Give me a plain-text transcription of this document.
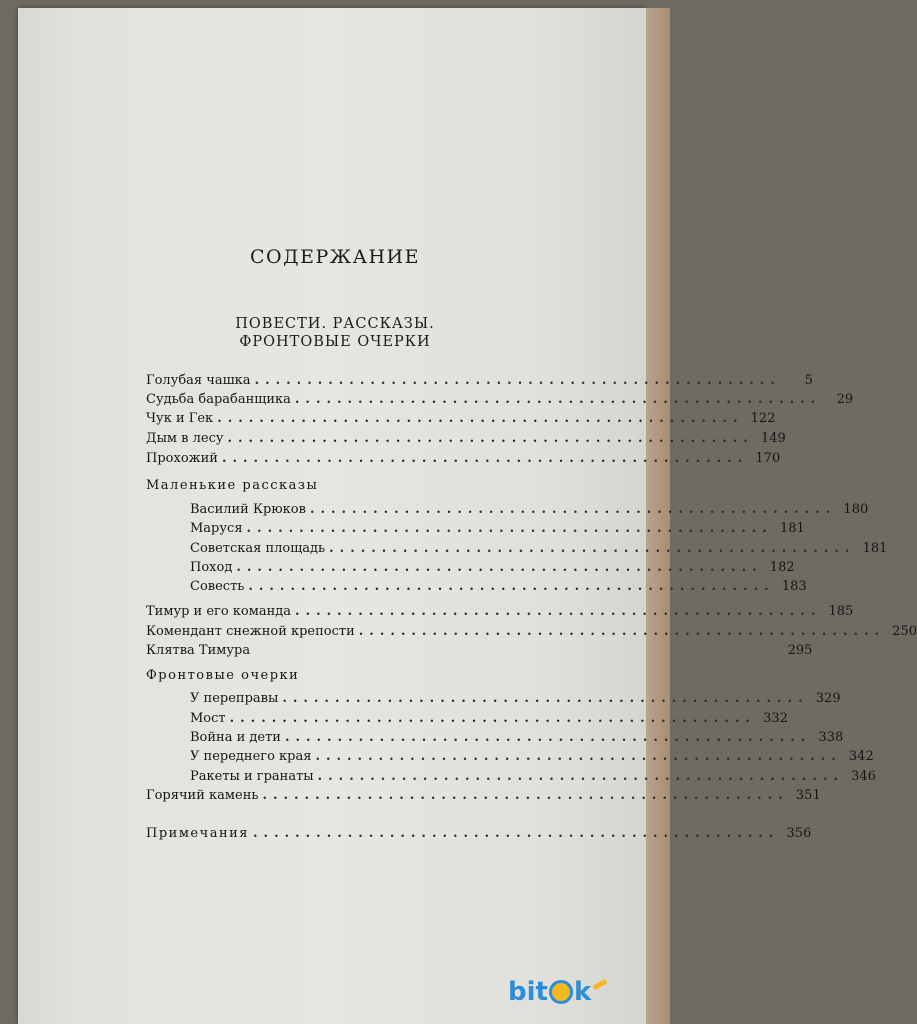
СОДЕРЖАНИЕ
ПОВЕСТИ. РАССКАЗЫ.
ФРОНТОВЫЕ ОЧЕРКИ
Голубая чашка ..................................................	5
Судьба барабанщика ..................................................	29
Чук и Гек .................................................. 122
Дым в лесу .................................................. 149
Прохожий .................................................. 170
Маленькие рассказы
Василий Крюков .................................................. 180
Маруся .................................................. 181
Советская площадь .................................................. 181
Поход .................................................. 182
Совесть .................................................. 183
Тимур и его команда .................................................. 185
Комендант снежной крепости .................................................. 250
Клятва Тимура	295
Фронтовые очерки
У переправы .................................................. 329
Мост .................................................. 332
Война и дети .................................................. 338
У переднего края .................................................. 342
Ракеты и гранаты .................................................. 346
Горячий камень .................................................. 351
Примечания .................................................. 356
bit k
